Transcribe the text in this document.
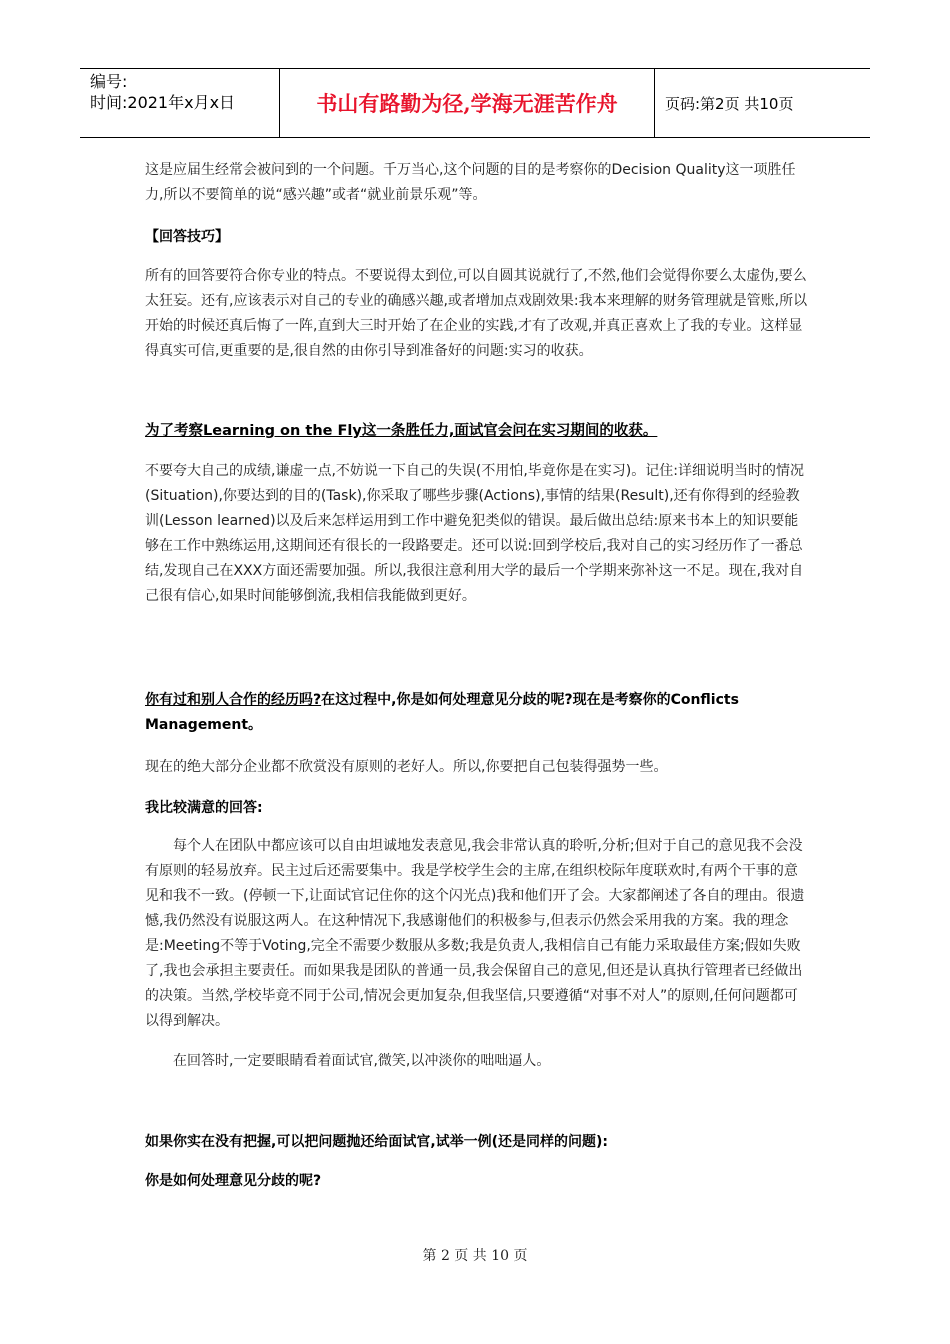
编号:
时间:2021年x月x日	书山有路勤为径,学海无涯苦作舟	页码:第2页 共10页
这是应届生经常会被问到的一个问题。千万当心,这个问题的目的是考察你的Decision Quality这一项胜任力,所以不要简单的说“感兴趣”或者“就业前景乐观”等。
【回答技巧】
所有的回答要符合你专业的特点。不要说得太到位,可以自圆其说就行了,不然,他们会觉得你要么太虚伪,要么太狂妄。还有,应该表示对自己的专业的确感兴趣,或者增加点戏剧效果:我本来理解的财务管理就是管账,所以开始的时候还真后悔了一阵,直到大三时开始了在企业的实践,才有了改观,并真正喜欢上了我的专业。这样显得真实可信,更重要的是,很自然的由你引导到准备好的问题:实习的收获。
为了考察Learning on the Fly这一条胜任力,面试官会问在实习期间的收获。
不要夸大自己的成绩,谦虚一点,不妨说一下自己的失误(不用怕,毕竟你是在实习)。记住:详细说明当时的情况(Situation),你要达到的目的(Task),你采取了哪些步骤(Actions),事情的结果(Result),还有你得到的经验教训(Lesson learned)以及后来怎样运用到工作中避免犯类似的错误。最后做出总结:原来书本上的知识要能够在工作中熟练运用,这期间还有很长的一段路要走。还可以说:回到学校后,我对自己的实习经历作了一番总结,发现自己在XXX方面还需要加强。所以,我很注意利用大学的最后一个学期来弥补这一不足。现在,我对自己很有信心,如果时间能够倒流,我相信我能做到更好。
你有过和别人合作的经历吗?在这过程中,你是如何处理意见分歧的呢?现在是考察你的Conflicts Management。
现在的绝大部分企业都不欣赏没有原则的老好人。所以,你要把自己包装得强势一些。
我比较满意的回答:
每个人在团队中都应该可以自由坦诚地发表意见,我会非常认真的聆听,分析;但对于自己的意见我不会没有原则的轻易放弃。民主过后还需要集中。我是学校学生会的主席,在组织校际年度联欢时,有两个干事的意见和我不一致。(停顿一下,让面试官记住你的这个闪光点)我和他们开了会。大家都阐述了各自的理由。很遗憾,我仍然没有说服这两人。在这种情况下,我感谢他们的积极参与,但表示仍然会采用我的方案。我的理念是:Meeting不等于Voting,完全不需要少数服从多数;我是负责人,我相信自己有能力采取最佳方案;假如失败了,我也会承担主要责任。而如果我是团队的普通一员,我会保留自己的意见,但还是认真执行管理者已经做出的决策。当然,学校毕竟不同于公司,情况会更加复杂,但我坚信,只要遵循“对事不对人”的原则,任何问题都可以得到解决。
在回答时,一定要眼睛看着面试官,微笑,以冲淡你的咄咄逼人。
如果你实在没有把握,可以把问题抛还给面试官,试举一例(还是同样的问题):
你是如何处理意见分歧的呢?
第 2 页 共 10 页
